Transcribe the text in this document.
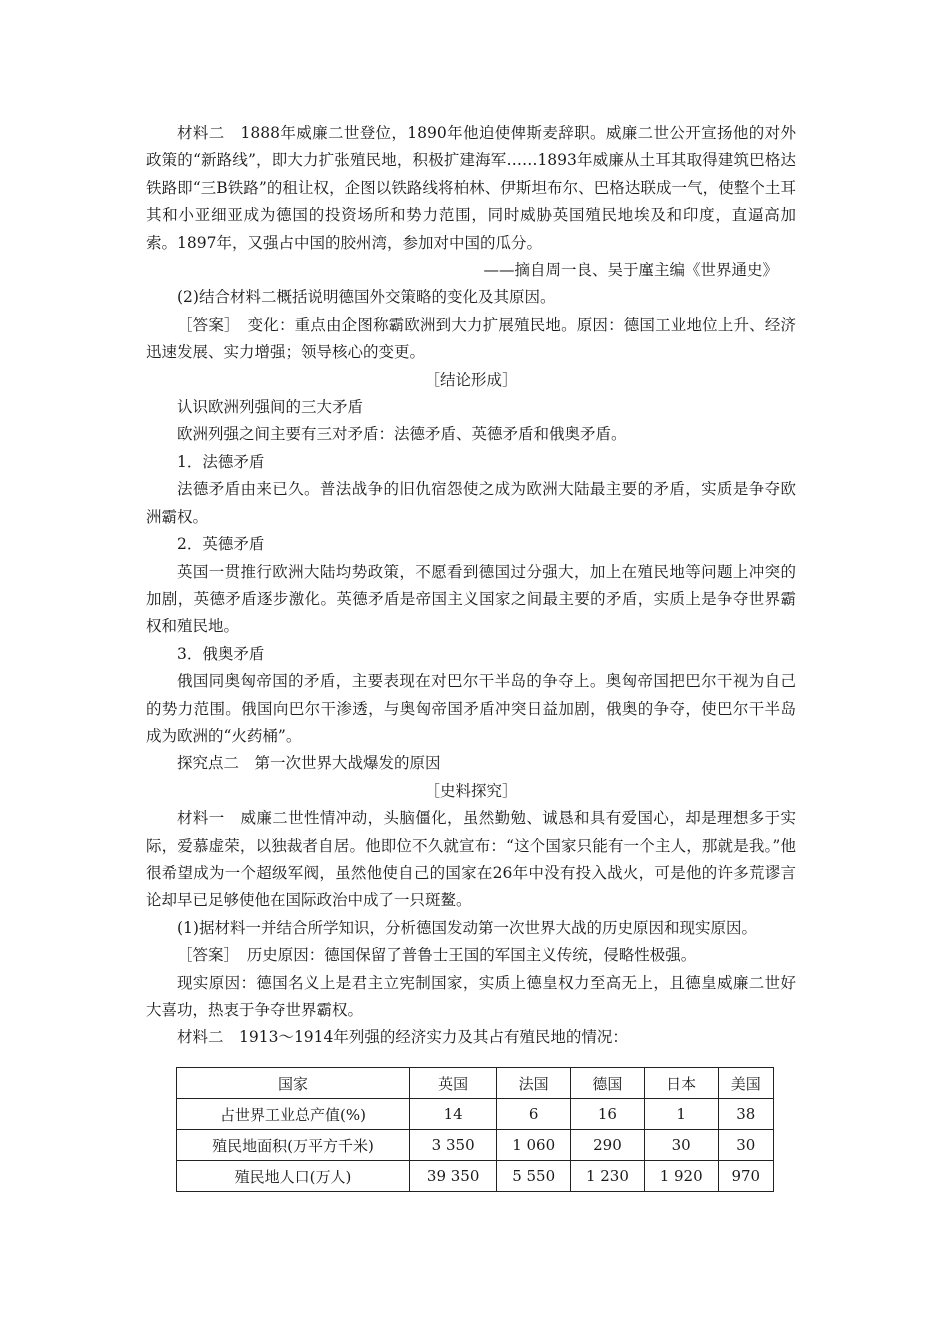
材料二　1888年威廉二世登位，1890年他迫使俾斯麦辞职。威廉二世公开宣扬他的对外政策的“新路线”，即大力扩张殖民地，积极扩建海军……1893年威廉从土耳其取得建筑巴格达铁路即“三B铁路”的租让权，企图以铁路线将柏林、伊斯坦布尔、巴格达联成一气，使整个土耳其和小亚细亚成为德国的投资场所和势力范围，同时威胁英国殖民地埃及和印度，直逼高加索。1897年，又强占中国的胶州湾，参加对中国的瓜分。

——摘自周一良、吴于廑主编《世界通史》

(2)结合材料二概括说明德国外交策略的变化及其原因。

［答案］　变化：重点由企图称霸欧洲到大力扩展殖民地。原因：德国工业地位上升、经济迅速发展、实力增强；领导核心的变更。

［结论形成］

认识欧洲列强间的三大矛盾

欧洲列强之间主要有三对矛盾：法德矛盾、英德矛盾和俄奥矛盾。

1．法德矛盾

法德矛盾由来已久。普法战争的旧仇宿怨使之成为欧洲大陆最主要的矛盾，实质是争夺欧洲霸权。

2．英德矛盾

英国一贯推行欧洲大陆均势政策，不愿看到德国过分强大，加上在殖民地等问题上冲突的加剧，英德矛盾逐步激化。英德矛盾是帝国主义国家之间最主要的矛盾，实质上是争夺世界霸权和殖民地。

3．俄奥矛盾

俄国同奥匈帝国的矛盾，主要表现在对巴尔干半岛的争夺上。奥匈帝国把巴尔干视为自己的势力范围。俄国向巴尔干渗透，与奥匈帝国矛盾冲突日益加剧，俄奥的争夺，使巴尔干半岛成为欧洲的“火药桶”。

探究点二　第一次世界大战爆发的原因

［史料探究］

材料一　威廉二世性情冲动，头脑僵化，虽然勤勉、诚恳和具有爱国心，却是理想多于实际，爱慕虚荣，以独裁者自居。他即位不久就宣布：“这个国家只能有一个主人，那就是我。”他很希望成为一个超级军阀，虽然他使自己的国家在26年中没有投入战火，可是他的许多荒谬言论却早已足够使他在国际政治中成了一只斑鳌。

(1)据材料一并结合所学知识，分析德国发动第一次世界大战的历史原因和现实原因。

［答案］　历史原因：德国保留了普鲁士王国的军国主义传统，侵略性极强。

现实原因：德国名义上是君主立宪制国家，实质上德皇权力至高无上，且德皇威廉二世好大喜功，热衷于争夺世界霸权。

材料二　1913～1914年列强的经济实力及其占有殖民地的情况：

国家	英国	法国	德国	日本	美国
占世界工业总产值(%)	14	6	16	1	38
殖民地面积(万平方千米)	3 350	1 060	290	30	30
殖民地人口(万人)	39 350	5 550	1 230	1 920	970
